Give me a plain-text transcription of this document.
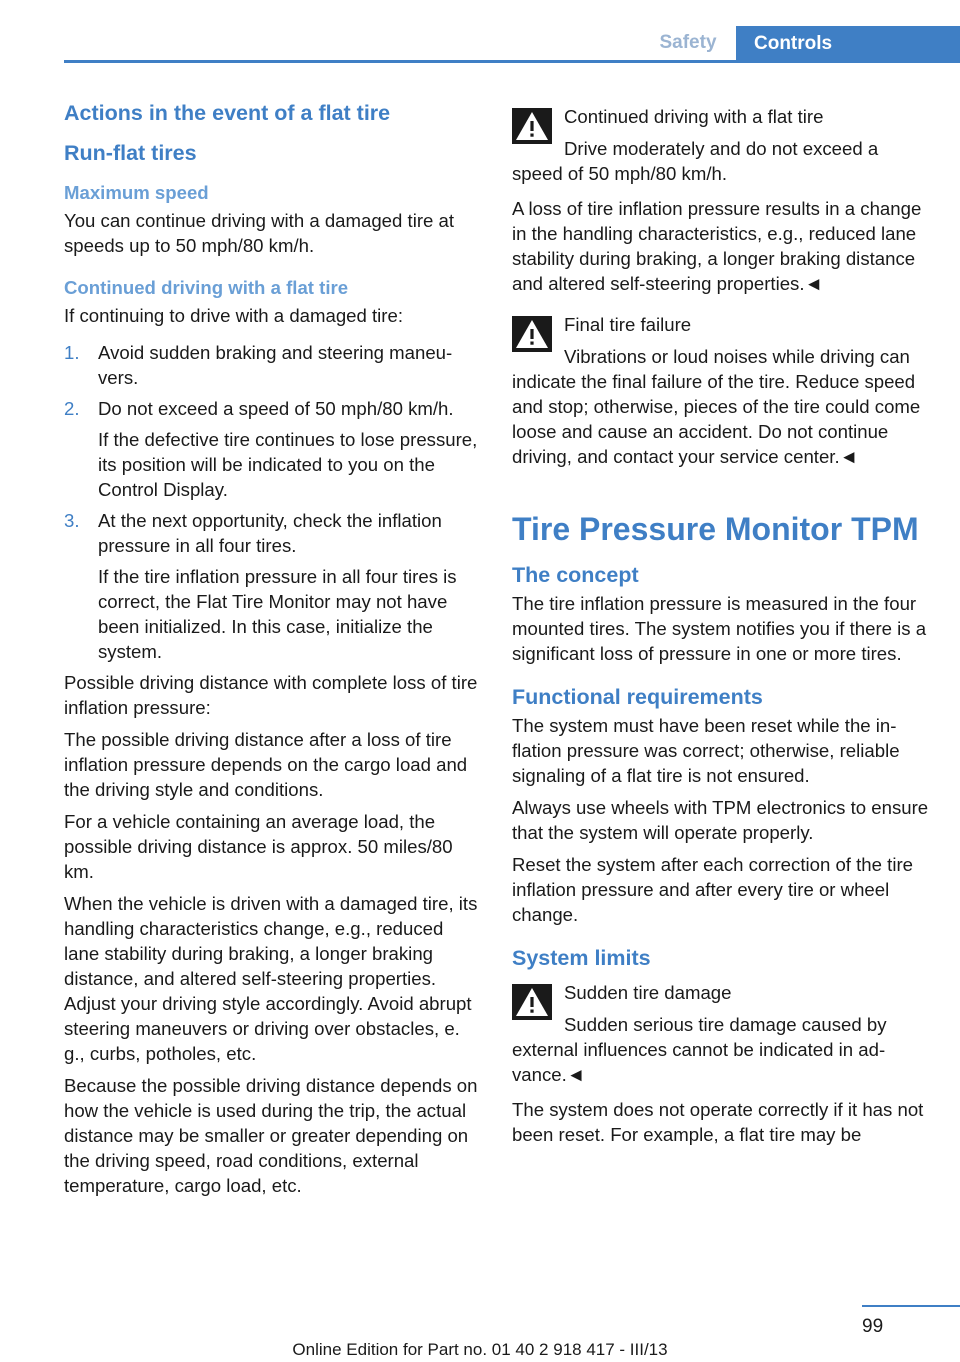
Safety	Controls
Actions in the event of a flat tire
Run-flat tires
Maximum speed

You can continue driving with a damaged tire at speeds up to 50 mph/80 km/h.

Continued driving with a flat tire

If continuing to drive with a damaged tire:

1. Avoid sudden braking and steering maneuvers.

2. Do not exceed a speed of 50 mph/80 km/h.

If the defective tire continues to lose pressure, its position will be indicated to you on the Control Display.

3. At the next opportunity, check the inflation pressure in all four tires.

If the tire inflation pressure in all four tires is correct, the Flat Tire Monitor may not have been initialized. In this case, initialize the system.

Possible driving distance with complete loss of tire inflation pressure:

The possible driving distance after a loss of tire inflation pressure depends on the cargo load and the driving style and conditions.

For a vehicle containing an average load, the possible driving distance is approx. 50 miles/80 km.

When the vehicle is driven with a damaged tire, its handling characteristics change, e.g., reduced lane stability during braking, a longer braking distance, and altered self-steering properties. Adjust your driving style accordingly. Avoid abrupt steering maneuvers or driving over obstacles, e. g., curbs, potholes, etc.

Because the possible driving distance depends on how the vehicle is used during the trip, the actual distance may be smaller or greater depending on the driving speed, road conditions, external temperature, cargo load, etc.

Continued driving with a flat tire

Drive moderately and do not exceed a speed of 50 mph/80 km/h.

A loss of tire inflation pressure results in a change in the handling characteristics, e.g., reduced lane stability during braking, a longer braking distance and altered self-steering properties.◄

Final tire failure

Vibrations or loud noises while driving can indicate the final failure of the tire. Reduce speed and stop; otherwise, pieces of the tire could come loose and cause an accident. Do not continue driving, and contact your service center.◄

Tire Pressure Monitor TPM
The concept

The tire inflation pressure is measured in the four mounted tires. The system notifies you if there is a significant loss of pressure in one or more tires.

Functional requirements

The system must have been reset while the inflation pressure was correct; otherwise, reliable signaling of a flat tire is not ensured.

Always use wheels with TPM electronics to ensure that the system will operate properly.

Reset the system after each correction of the tire inflation pressure and after every tire or wheel change.

System limits

Sudden tire damage

Sudden serious tire damage caused by external influences cannot be indicated in advance.◄

The system does not operate correctly if it has not been reset. For example, a flat tire may be

99
Online Edition for Part no. 01 40 2 918 417 - III/13
